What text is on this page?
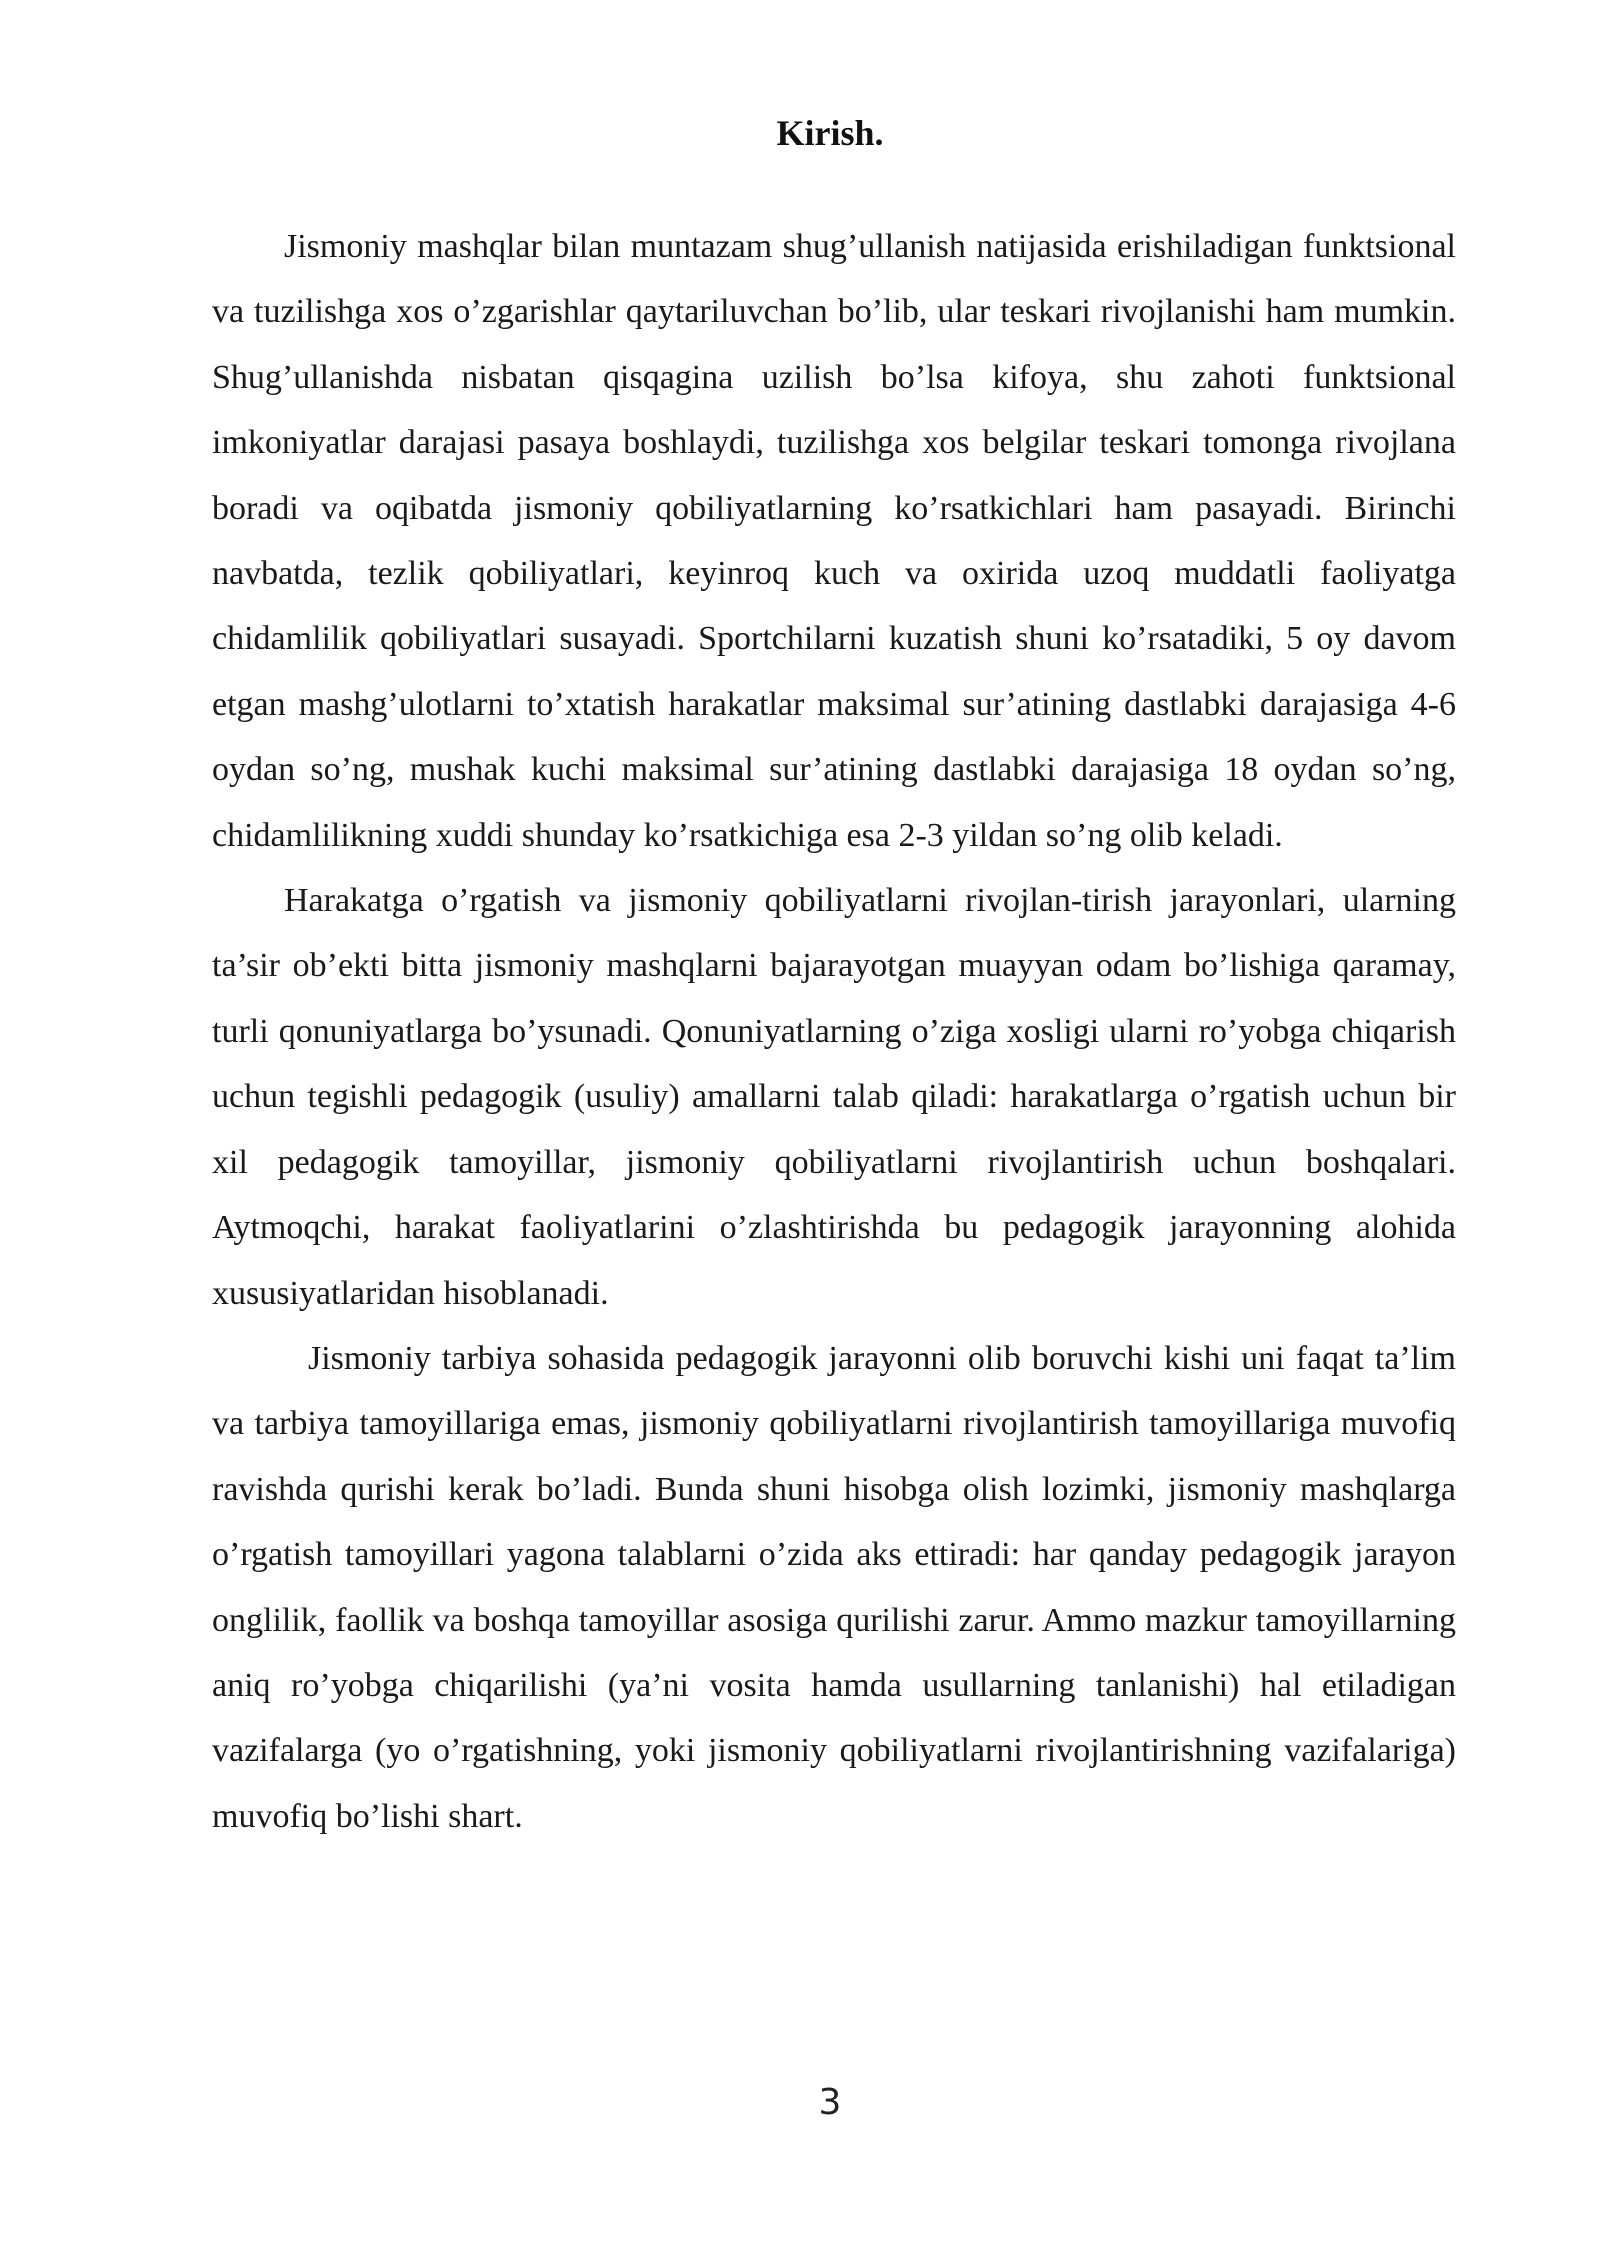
Kirish.

Jismoniy mashqlar bilan muntazam shug’ullanish natijasida erishiladigan funktsional va tuzilishga xos o’zgarishlar qaytariluvchan bo’lib, ular teskari rivojlanishi ham mumkin. Shug’ullanishda nisbatan qisqagina uzilish bo’lsa kifoya, shu zahoti funktsional imkoniyatlar darajasi pasaya boshlaydi, tuzilishga xos belgilar teskari tomonga rivojlana boradi va oqibatda jismoniy qobiliyatlarning ko’rsatkichlari ham pasayadi. Birinchi navbatda, tezlik qobiliyatlari, keyinroq kuch va oxirida uzoq muddatli faoliyatga chidamlilik qobiliyatlari susayadi. Sportchilarni kuzatish shuni ko’rsatadiki, 5 oy davom etgan mashg’ulotlarni to’xtatish harakatlar maksimal sur’atining dastlabki darajasiga 4-6 oydan so’ng, mushak kuchi maksimal sur’atining dastlabki darajasiga 18 oydan so’ng, chidamlilikning xuddi shunday ko’rsatkichiga esa 2-3 yildan so’ng olib keladi.

Harakatga o’rgatish va jismoniy qobiliyatlarni rivojlan-tirish jarayonlari, ularning ta’sir ob’ekti bitta jismoniy mashqlarni bajarayotgan muayyan odam bo’lishiga qaramay, turli qonuniyatlarga bo’ysunadi. Qonuniyatlarning o’ziga xosligi ularni ro’yobga chiqarish uchun tegishli pedagogik (usuliy) amallarni talab qiladi: harakatlarga o’rgatish uchun bir xil pedagogik tamoyillar, jismoniy qobiliyatlarni rivojlantirish uchun boshqalari. Aytmoqchi, harakat faoliyatlarini o’zlashtirishda bu pedagogik jarayonning alohida xususiyatlaridan hisoblanadi.

Jismoniy tarbiya sohasida pedagogik jarayonni olib boruvchi kishi uni faqat ta’lim va tarbiya tamoyillariga emas, jismoniy qobiliyatlarni rivojlantirish tamoyillariga muvofiq ravishda qurishi kerak bo’ladi. Bunda shuni hisobga olish lozimki, jismoniy mashqlarga o’rgatish tamoyillari yagona talablarni o’zida aks ettiradi: har qanday pedagogik jarayon onglilik, faollik va boshqa tamoyillar asosiga qurilishi zarur. Ammo mazkur tamoyillarning aniq ro’yobga chiqarilishi (ya’ni vosita hamda usullarning tanlanishi) hal etiladigan vazifalarga (yo o’rgatishning, yoki jismoniy qobiliyatlarni rivojlantirishning vazifalariga) muvofiq bo’lishi shart.

3
